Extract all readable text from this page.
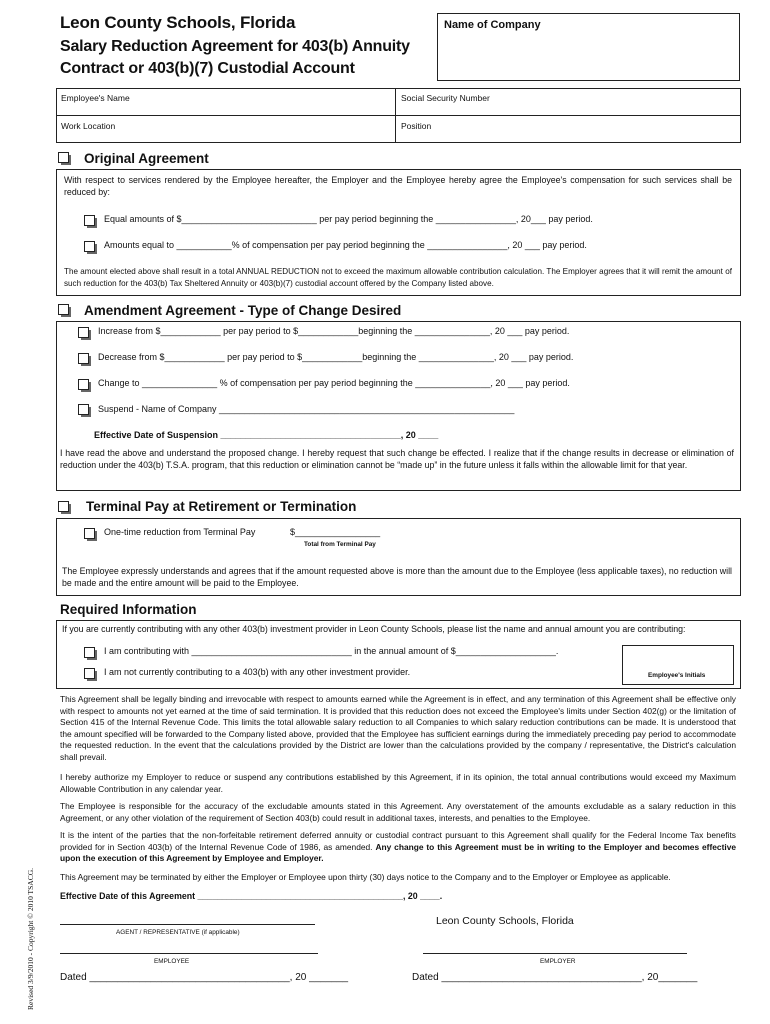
Leon County Schools, Florida
Salary Reduction Agreement for 403(b) Annuity
Contract or 403(b)(7) Custodial Account
Name of Company
Employee's Name	Social Security Number
Work Location	Position
Original Agreement
With respect to services rendered by the Employee hereafter, the Employer and the Employee hereby agree the Employee's compensation for such services shall be reduced by:
Equal amounts of $___________________________ per pay period beginning the ________________, 20___ pay period.
Amounts equal to ___________% of compensation per pay period beginning the ________________, 20 ___ pay period.
The amount elected above shall result in a total ANNUAL REDUCTION not to exceed the maximum allowable contribution calculation. The Employer agrees that it will remit the amount of such reduction for the 403(b) Tax Sheltered Annuity or 403(b)(7) custodial account offered by the Company listed above.
Amendment Agreement - Type of Change Desired
Increase from $____________ per pay period to $____________beginning the _______________, 20 ___ pay period.
Decrease from $____________ per pay period to $____________beginning the _______________, 20 ___ pay period.
Change to _______________ % of compensation per pay period beginning the _______________, 20 ___ pay period.
Suspend - Name of Company ___________________________________________________________
Effective Date of Suspension ____________________________________, 20 ____
I have read the above and understand the proposed change. I hereby request that such change be effected. I realize that if the change results in decrease or elimination of reduction under the 403(b) T.S.A. program, that this reduction or elimination cannot be “made up” in the future unless it falls within the allowable limit for that year.
Terminal Pay at Retirement or Termination
One-time reduction from Terminal Pay	$_________________
Total from Terminal Pay
The Employee expressly understands and agrees that if the amount requested above is more than the amount due to the Employee (less applicable taxes), no reduction will be made and the entire amount will be paid to the Employee.
Required Information
If you are currently contributing with any other 403(b) investment provider in Leon County Schools, please list the name and annual amount you are contributing:
I am contributing with ________________________________ in the annual amount of $____________________.
I am not currently contributing to a 403(b) with any other investment provider.	Employee's Initials
This Agreement shall be legally binding and irrevocable with respect to amounts earned while the Agreement is in effect, and any termination of this Agreement shall be effective only with respect to amounts not yet earned at the time of said termination. It is provided that this reduction does not exceed the Employee's limits under Section 402(g) or the limitation of Section 415 of the Internal Revenue Code. This limits the total allowable salary reduction to all Companies to which salary reduction contributions can be made. It is understood that the amount specified will be forwarded to the Company listed above, provided that the Employee has sufficient earnings during the immediately preceding pay period to accommodate the requested reduction. In the event that the calculations provided by the District are lower than the calculations provided by the company / representative, the District's calculation shall prevail.
I hereby authorize my Employer to reduce or suspend any contributions established by this Agreement, if in its opinion, the total annual contributions would exceed my Maximum Allowable Contribution in any calendar year.
The Employee is responsible for the accuracy of the excludable amounts stated in this Agreement. Any overstatement of the amounts excludable as a salary reduction in this Agreement, or any other violation of the requirement of Section 403(b) could result in additional taxes, interests, and penalties to the Employee.
It is the intent of the parties that the non-forfeitable retirement deferred annuity or custodial contract pursuant to this Agreement shall qualify for the Federal Income Tax benefits provided for in Section 403(b) of the Internal Revenue Code of 1986, as amended. Any change to this Agreement must be in writing to the Employer and becomes effective upon the execution of this Agreement by Employee and Employer.
This Agreement may be terminated by either the Employer or Employee upon thirty (30) days notice to the Company and to the Employer or Employee as applicable.
Effective Date of this Agreement __________________________________________, 20 ____.
Leon County Schools, Florida
AGENT / REPRESENTATIVE (if applicable)
EMPLOYEE	EMPLOYER
Dated ____________________________________, 20 _______	Dated ____________________________________, 20_______
Revised 3/9/2010 - Copyright © 2010 TSACG.
